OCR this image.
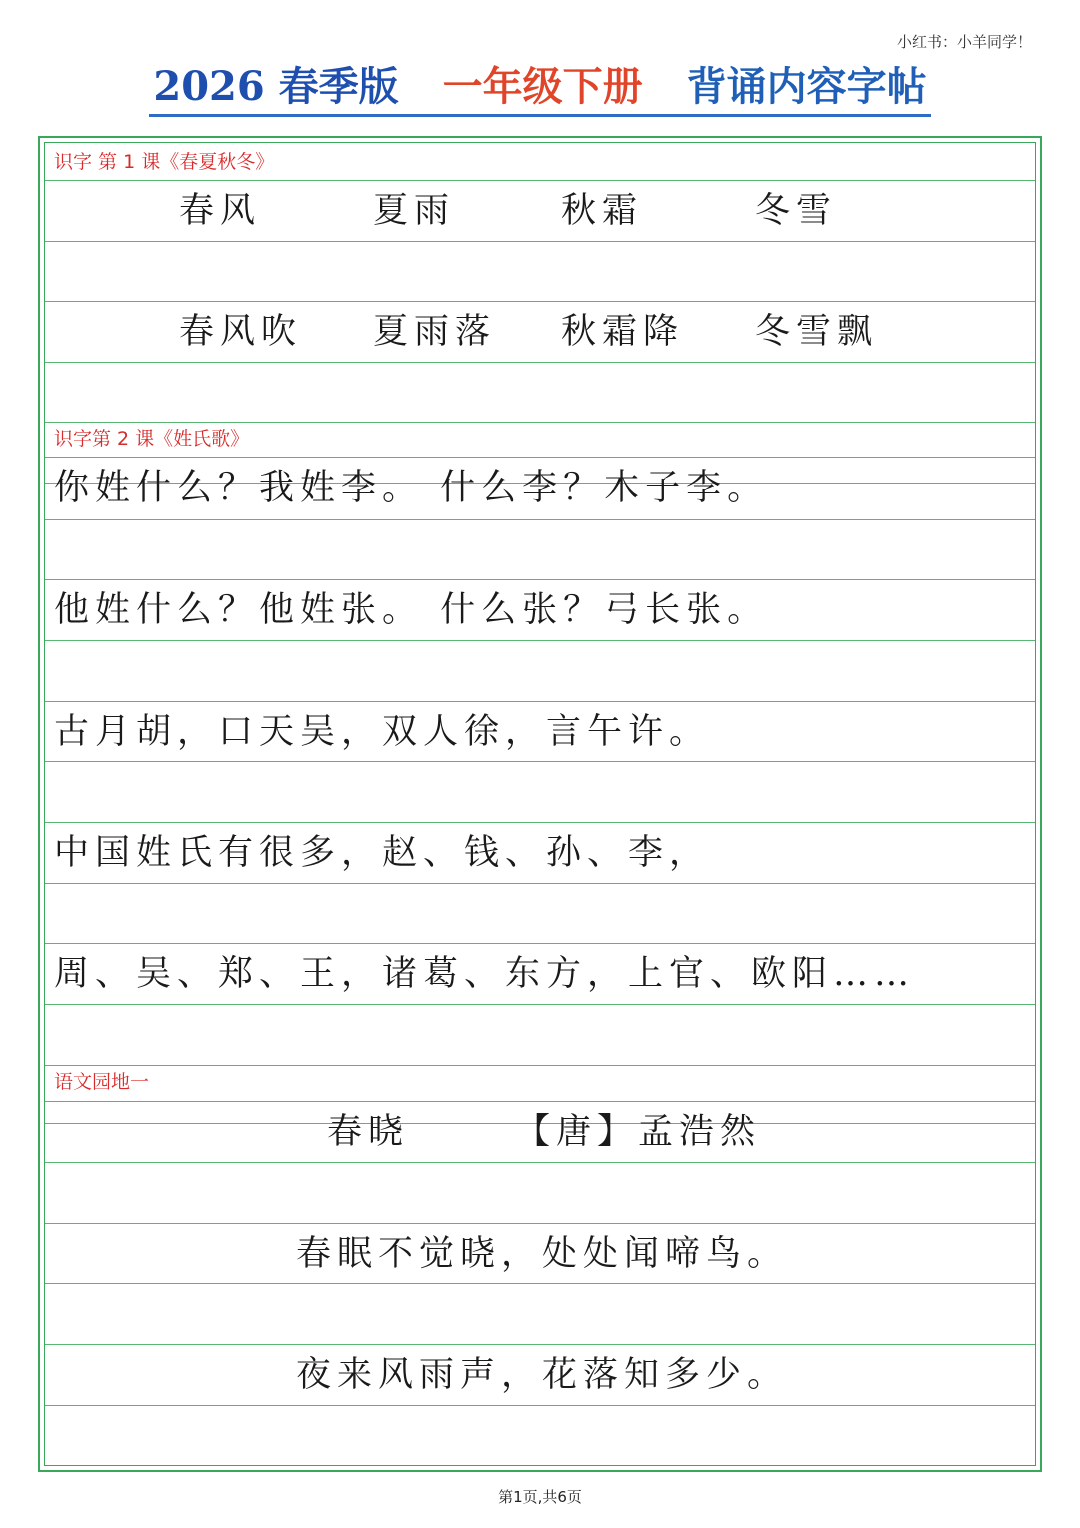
小红书：小羊同学！
2026 春季版 一年级下册 背诵内容字帖
识字 第 1 课《春夏秋冬》
春风	夏雨	秋霜	冬雪
春风吹 夏雨落 秋霜降 冬雪飘
识字第 2 课《姓氏歌》
你姓什么？我姓李。 什么李？木子李。
他姓什么？他姓张。 什么张？弓长张。
古月胡，口天吴，双人徐，言午许。
中国姓氏有很多，赵、钱、孙、李，
周、吴、郑、王，诸葛、东方，上官、欧阳……
语文园地一
春晓	【唐】孟浩然
春眠不觉晓，处处闻啼鸟。
夜来风雨声，花落知多少。
第1页,共6页
